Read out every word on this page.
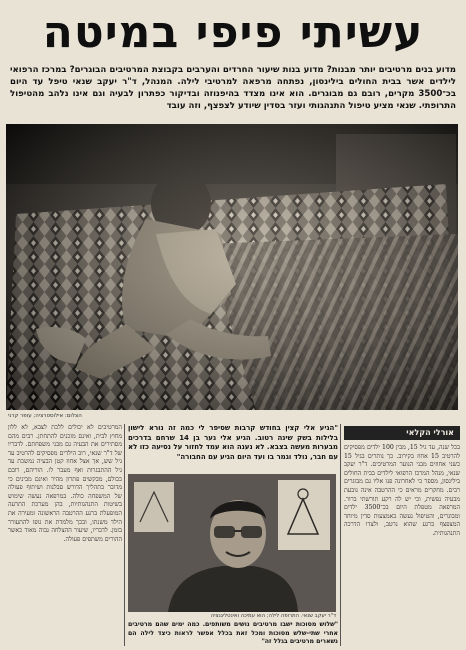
עשיתי פיפי במיטה
מדוע בנים מרטיבים יותר מבנות? מדוע בנות שיעור החרדים והערבים בקבוצת המרטיבים הבוגרים? במרכז הרפואי לילדים אשר בבית החולים בילינסון, נפתחה מרפאה למרטיבי לילה. המנהל, ד"ר יעקב שנאי טיפל עד היום בכ־3500 מקרים, רובם גם מבוגרים. הוא אינו מצדד בהיפנוזה ובדיקור כפתרון לבעיה וגם אינו נלהב מהטיפול התרופתי. שנאי מציע טיפול התנהגותי ועזר בסדין שיודע לצפצף, וזה עובד
הצלום: אילוסטרציה; עופר קרני
המרטיבים לא יכולים ללכת לצבא, לא ללון מחוץ לבית, ואינם מוכנים להתחתן. רבים מהם מסתירים את הבעיה גם מבני משפחתם. לדבריו של ד"ר שנאי, רוב הילדים מפסיקים להרטיב עד גיל שש, אך אצל אחוז קטן הבעיה נמשכת עד גיל ההתבגרות ואף מעבר לו. הוריהם, רובם ככולם, מבקשים פתרון מהיר ואינם מבינים כי מדובר בתהליך הדורש סבלנות ושיתוף פעולה של המשפחה כולה. במרפאה נעשה שימוש בשיטות התנהגותיות, בהן מערכת התרעה המופעלת ברגע ההרטבה הראשונה ומעירה את הילד משנתו, ובכך מלמדת את גופו להתעורר בזמן. לדבריו, שיעור ההצלחה גבוה מאוד כאשר ההורים משתפים פעולה.
"הגיע אלי קצין בחודש קרבות שסיפר לי כמה זה נורא לישון בלילות בשק שינה רטוב. הגיע אלי נער בן 14 שרחם בדרכים מבערות מעשה בצבא. לא נענה הוא עמד לחזור על נסיעה כזו לא עם חבר, נולד וגמר בו ועד היום הגיע עם החבורה"
ד"ר יעקב שנאי. התרופה לילה; הוא עמיכה ואינטליגנציה
"שלוש מסוכות ישבו מרטיבים נושים משותפים. כמה ימים שהם מרטיבים אחרי שתי-שלש מסוכות ומכל זאת בכלל אפשר לראות כיצד לילה הם נשארים מרטיבים בגלל זה"
אורלי הקלאי
בכל שנה, עד גיל 15, מבין 100 ילדים מפסיקים להרטיב 15 אחוז בקירוב. כך נותרים בגיל 15 כשני אחוזים מבני הנוער המרטיבים. ד"ר יעקב שנאי, מנהל המרכז הרפואי לילדים בבית החולים בילינסון, מספר כי לאחרונה פנו אליו גם מבוגרים רבים. מחקרים מראים כי ההרטבה אינה נובעת מבעיה נפשית, וכי יש לה רקע תורשתי ברור. המרפאה מטפלת היום בכ־3500 ילדים ומבוגרים, והטיפול נעשה באמצעות סדין מיוחד המצפצף ברגע שהוא נרטב, ולצדו הדרכה התנהגותית.
